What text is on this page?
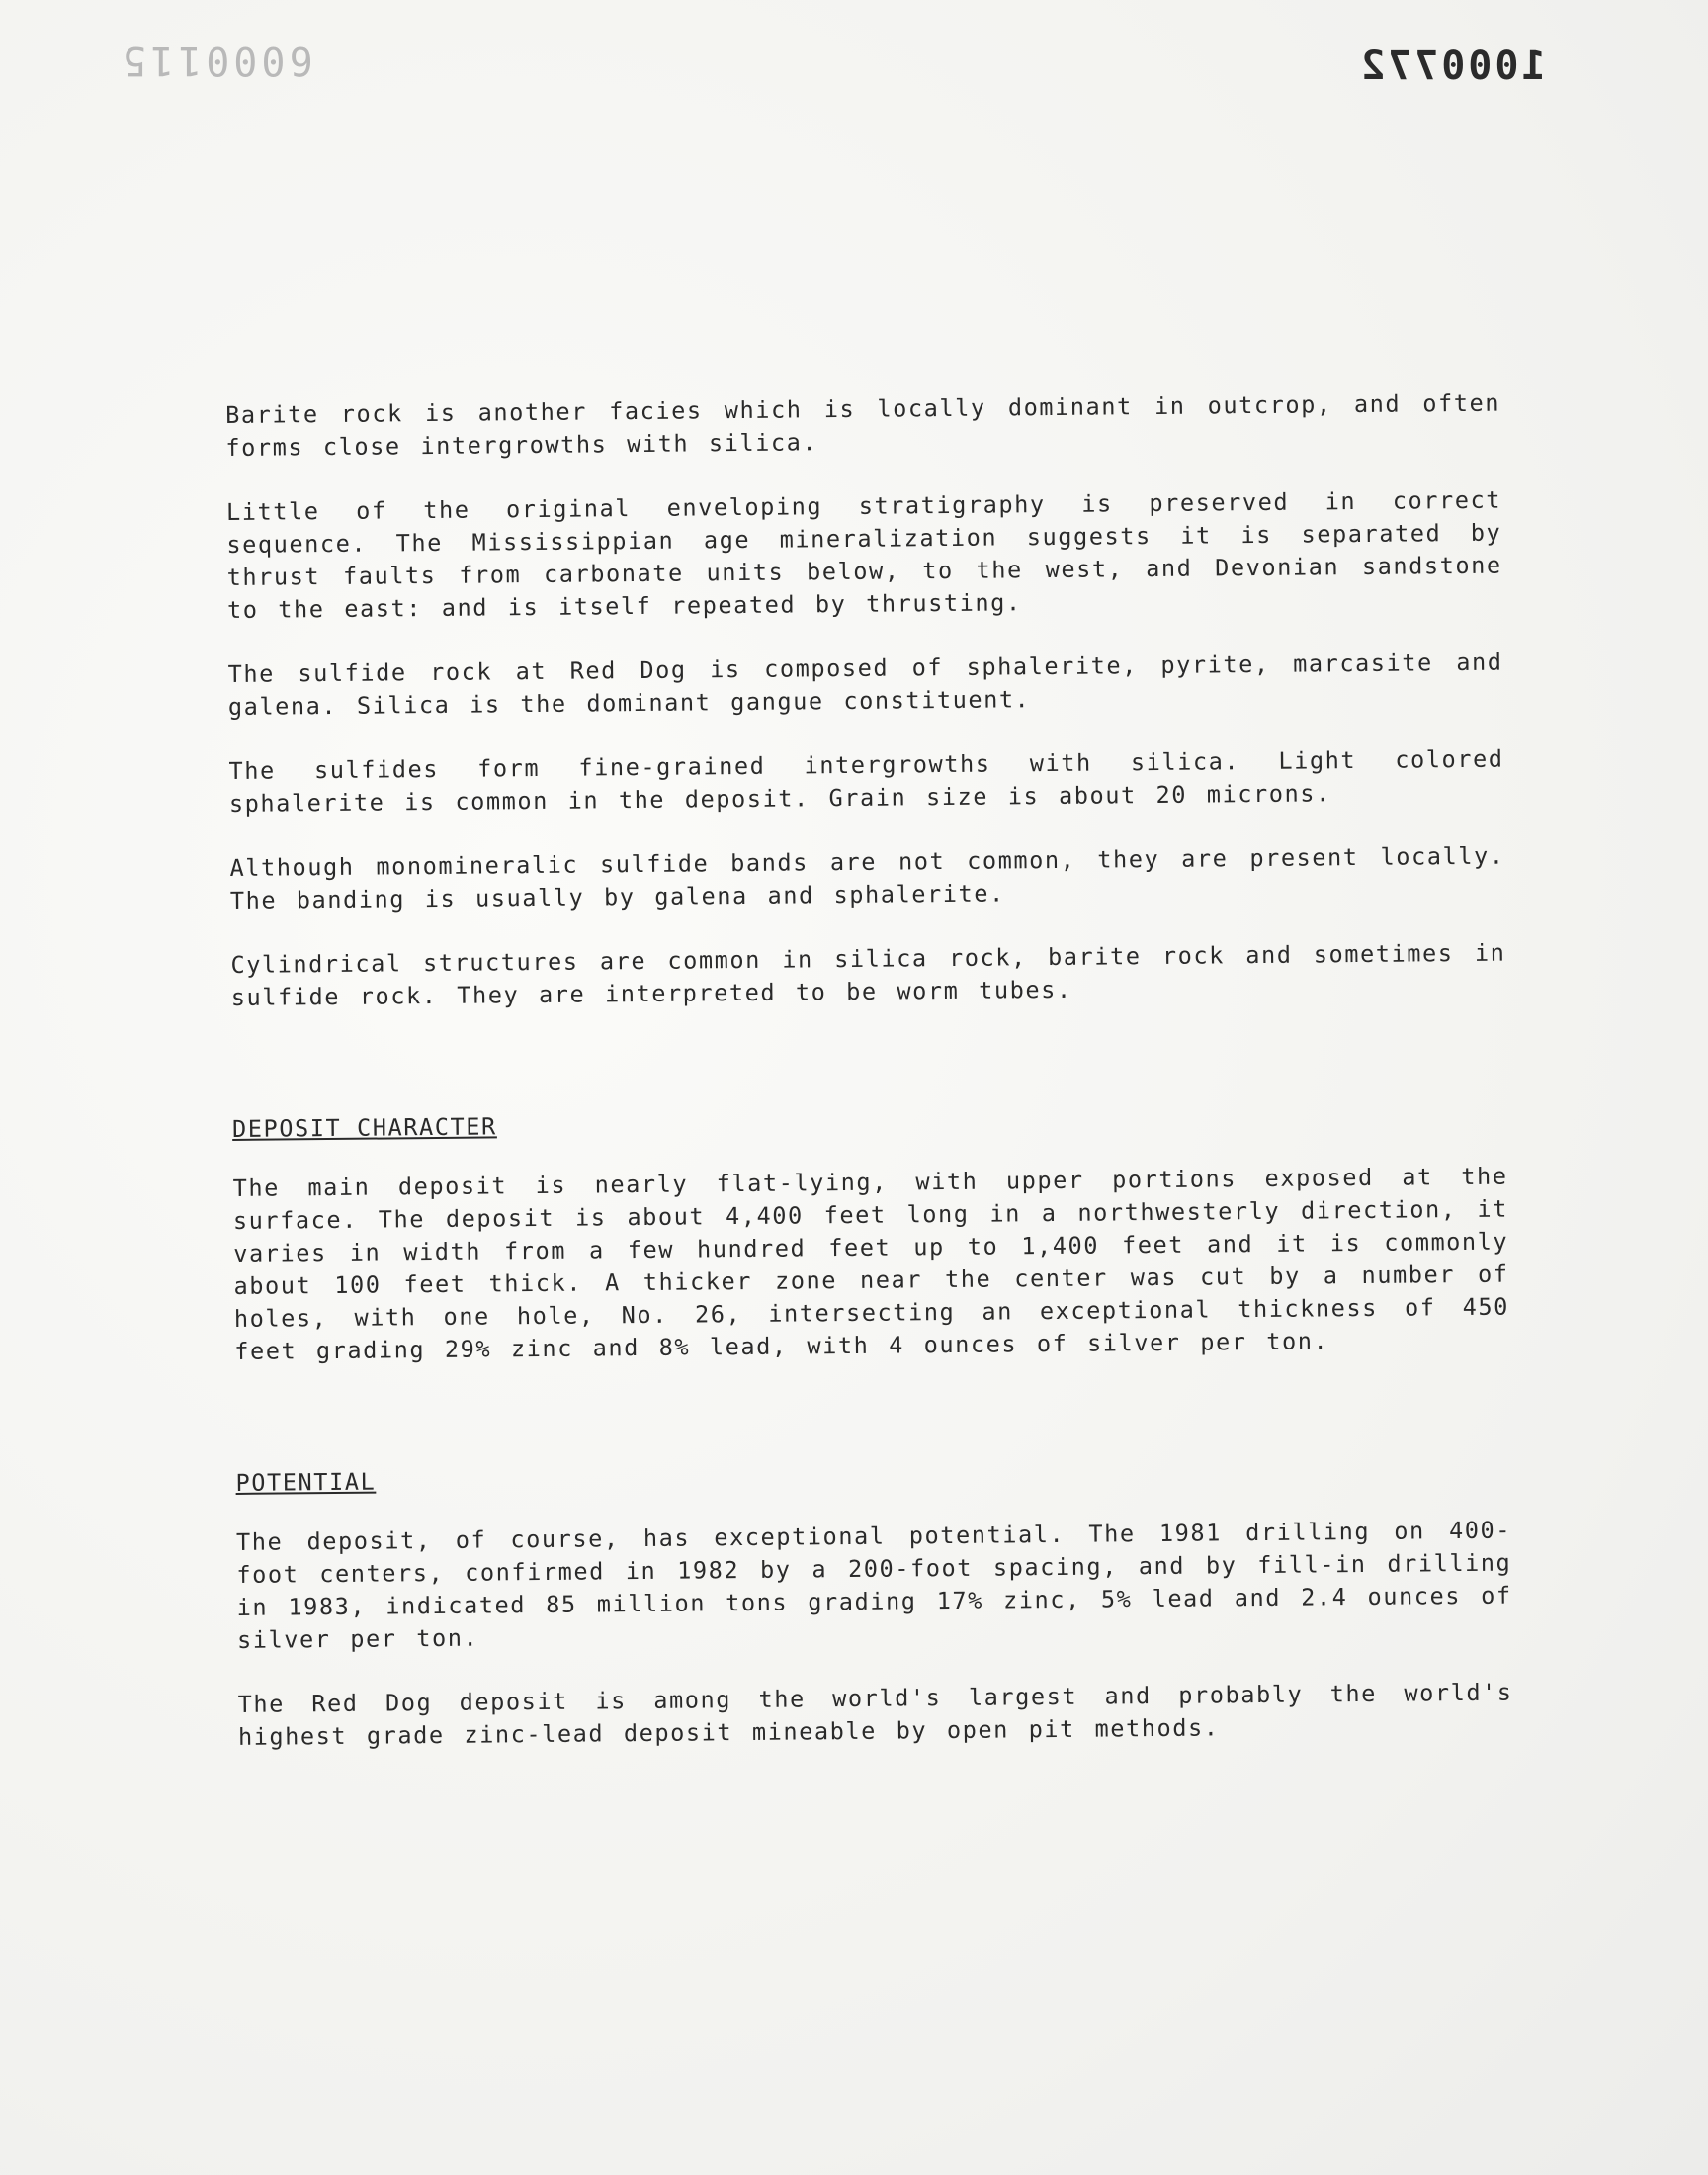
6000115	1000772

Barite rock is another facies which is locally dominant in outcrop, and often forms close intergrowths with silica.

Little of the original enveloping stratigraphy is preserved in correct sequence. The Mississippian age mineralization suggests it is separated by thrust faults from carbonate units below, to the west, and Devonian sandstone to the east: and is itself repeated by thrusting.

The sulfide rock at Red Dog is composed of sphalerite, pyrite, marcasite and galena. Silica is the dominant gangue constituent.

The sulfides form fine-grained intergrowths with silica. Light colored sphalerite is common in the deposit. Grain size is about 20 microns.

Although monomineralic sulfide bands are not common, they are present locally. The banding is usually by galena and sphalerite.

Cylindrical structures are common in silica rock, barite rock and sometimes in sulfide rock. They are interpreted to be worm tubes.

DEPOSIT CHARACTER

The main deposit is nearly flat-lying, with upper portions exposed at the surface. The deposit is about 4,400 feet long in a northwesterly direction, it varies in width from a few hundred feet up to 1,400 feet and it is commonly about 100 feet thick. A thicker zone near the center was cut by a number of holes, with one hole, No. 26, intersecting an exceptional thickness of 450 feet grading 29% zinc and 8% lead, with 4 ounces of silver per ton.

POTENTIAL

The deposit, of course, has exceptional potential. The 1981 drilling on 400-foot centers, confirmed in 1982 by a 200-foot spacing, and by fill-in drilling in 1983, indicated 85 million tons grading 17% zinc, 5% lead and 2.4 ounces of silver per ton.

The Red Dog deposit is among the world's largest and probably the world's highest grade zinc-lead deposit mineable by open pit methods.
